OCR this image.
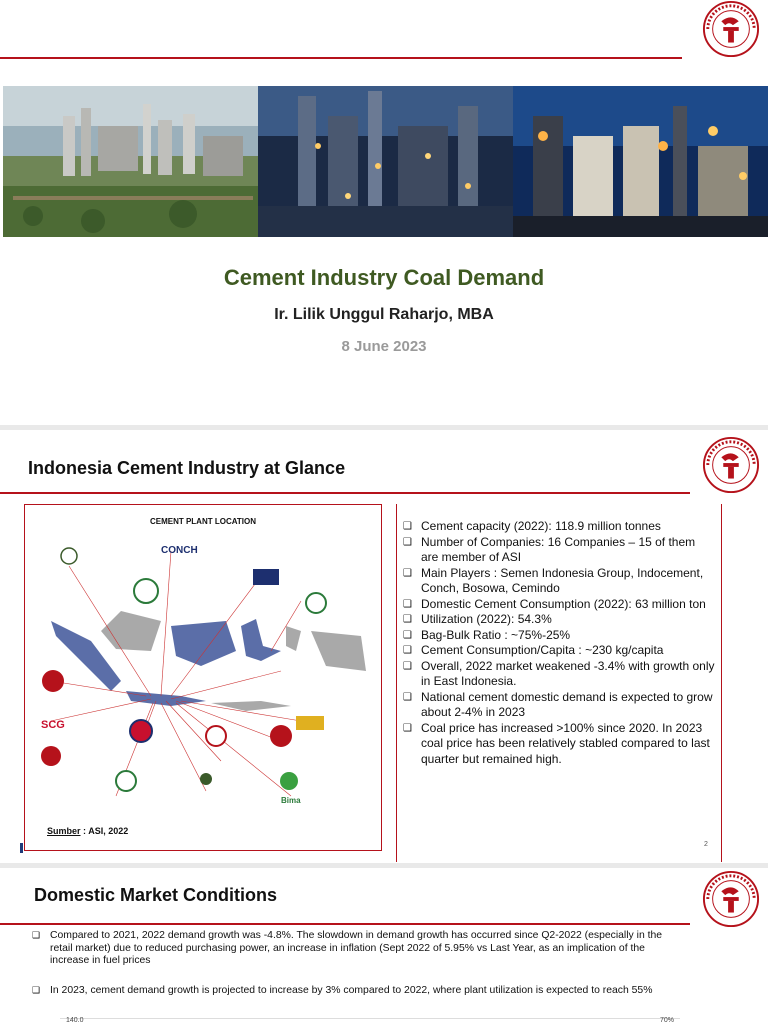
Cement Industry Coal Demand
Ir. Lilik Unggul Raharjo, MBA
8 June 2023
Indonesia Cement Industry at Glance
CEMENT PLANT LOCATION
CONCH
SCG
Bima
Sumber : ASI, 2022
❑ Cement capacity (2022): 118.9 million tonnes
❑ Number of Companies: 16 Companies – 15 of them are member of ASI
❑ Main Players : Semen Indonesia Group, Indocement, Conch, Bosowa, Cemindo
❑ Domestic Cement Consumption (2022): 63 million ton
❑ Utilization (2022): 54.3%
❑ Bag-Bulk Ratio : ~75%-25%
❑ Cement Consumption/Capita : ~230 kg/capita
❑ Overall, 2022 market weakened -3.4% with growth only in East Indonesia.
❑ National cement domestic demand is expected to grow about 2-4% in 2023
❑ Coal price has increased >100% since 2020. In 2023 coal price has been relatively stabled compared to last quarter but remained high.
2
Domestic Market Conditions
❑ Compared to 2021, 2022 demand growth was -4.8%. The slowdown in demand growth has occurred since Q2-2022 (especially in the retail market) due to reduced purchasing power, an increase in inflation (Sept 2022 of 5.95% vs Last Year, as an implication of the increase in fuel prices
❑ In 2023, cement demand growth is projected to increase by 3% compared to 2022, where plant utilization is expected to reach 55%
140.0	70%
